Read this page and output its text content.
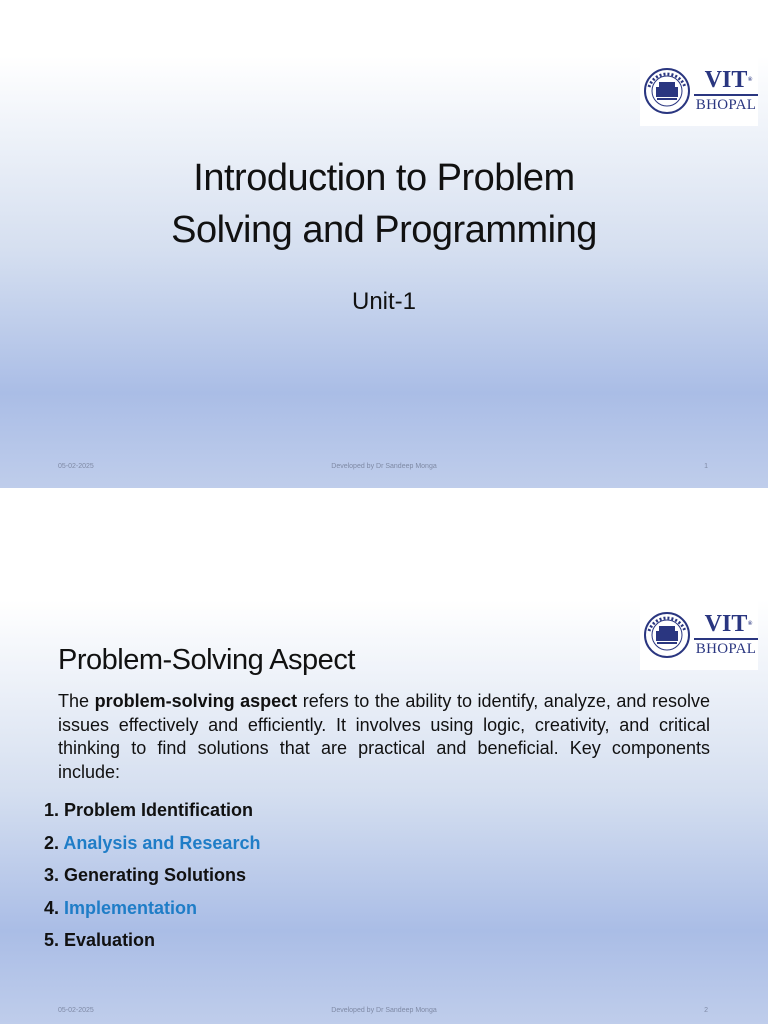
VIT ®
BHOPAL
Introduction to Problem
Solving and Programming
Unit-1
05-02-2025	Developed by Dr Sandeep Monga	1
VIT ®
BHOPAL
Problem-Solving Aspect
The problem-solving aspect refers to the ability to identify, analyze, and resolve issues effectively and efficiently. It involves using logic, creativity, and critical thinking to find solutions that are practical and beneficial. Key components include:
1. Problem Identification
2. Analysis and Research
3. Generating Solutions
4. Implementation
5. Evaluation
05-02-2025	Developed by Dr Sandeep Monga	2
